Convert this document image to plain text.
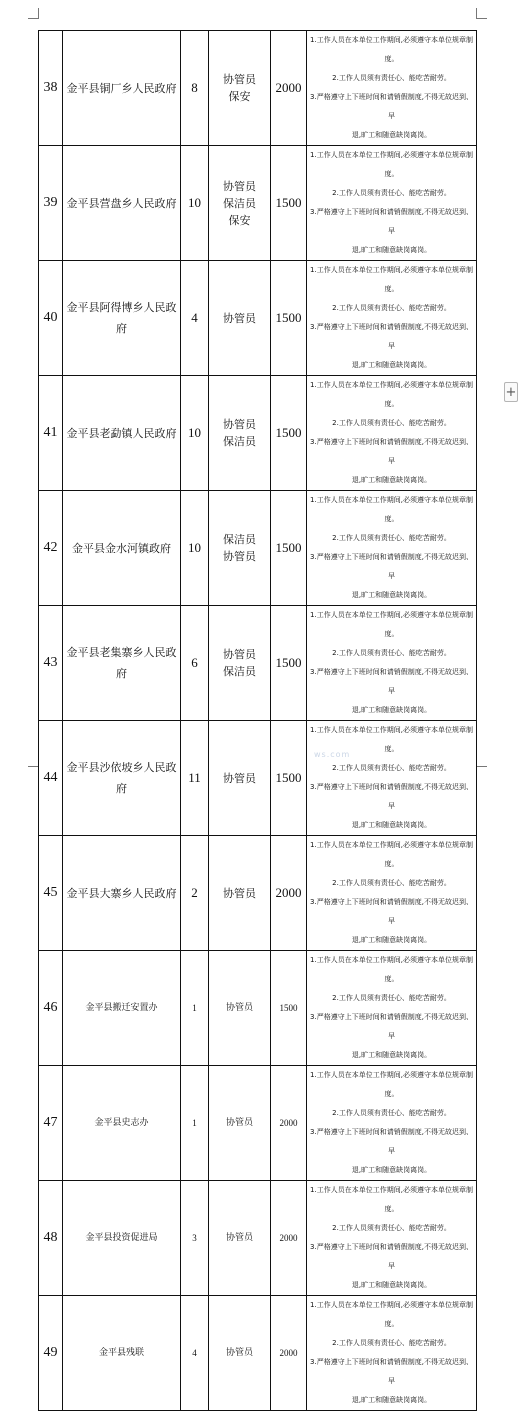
38	金平县铜厂乡人民政府	8	协管员
保安	2000	1.工作人员在本单位工作期间,必须遵守本单位规章制度。
2.工作人员须有责任心、能吃苦耐劳。
3.严格遵守上下班时间和请销假制度,不得无故迟到、早
退,旷工和随意缺岗离岗。

39	金平县营盘乡人民政府	10	协管员
保洁员
保安	1500	1.工作人员在本单位工作期间,必须遵守本单位规章制度。
2.工作人员须有责任心、能吃苦耐劳。
3.严格遵守上下班时间和请销假制度,不得无故迟到、早
退,旷工和随意缺岗离岗。

40	金平县阿得博乡人民政府	4	协管员	1500	1.工作人员在本单位工作期间,必须遵守本单位规章制度。
2.工作人员须有责任心、能吃苦耐劳。
3.严格遵守上下班时间和请销假制度,不得无故迟到、早
退,旷工和随意缺岗离岗。

41	金平县老勐镇人民政府	10	协管员
保洁员	1500	1.工作人员在本单位工作期间,必须遵守本单位规章制度。
2.工作人员须有责任心、能吃苦耐劳。
3.严格遵守上下班时间和请销假制度,不得无故迟到、早
退,旷工和随意缺岗离岗。

42	金平县金水河镇政府	10	保洁员
协管员	1500	1.工作人员在本单位工作期间,必须遵守本单位规章制度。
2.工作人员须有责任心、能吃苦耐劳。
3.严格遵守上下班时间和请销假制度,不得无故迟到、早
退,旷工和随意缺岗离岗。

43	金平县老集寨乡人民政府	6	协管员
保洁员	1500	1.工作人员在本单位工作期间,必须遵守本单位规章制度。
2.工作人员须有责任心、能吃苦耐劳。
3.严格遵守上下班时间和请销假制度,不得无故迟到、早
退,旷工和随意缺岗离岗。

44	金平县沙依坡乡人民政府	11	协管员	1500	1.工作人员在本单位工作期间,必须遵守本单位规章制度。
2.工作人员须有责任心、能吃苦耐劳。
3.严格遵守上下班时间和请销假制度,不得无故迟到、早
退,旷工和随意缺岗离岗。

45	金平县大寨乡人民政府	2	协管员	2000	1.工作人员在本单位工作期间,必须遵守本单位规章制度。
2.工作人员须有责任心、能吃苦耐劳。
3.严格遵守上下班时间和请销假制度,不得无故迟到、早
退,旷工和随意缺岗离岗。

46	金平县搬迁安置办	1	协管员	1500	1.工作人员在本单位工作期间,必须遵守本单位规章制度。
2.工作人员须有责任心、能吃苦耐劳。
3.严格遵守上下班时间和请销假制度,不得无故迟到、早
退,旷工和随意缺岗离岗。

47	金平县史志办	1	协管员	2000	1.工作人员在本单位工作期间,必须遵守本单位规章制度。
2.工作人员须有责任心、能吃苦耐劳。
3.严格遵守上下班时间和请销假制度,不得无故迟到、早
退,旷工和随意缺岗离岗。

48	金平县投资促进局	3	协管员	2000	1.工作人员在本单位工作期间,必须遵守本单位规章制度。
2.工作人员须有责任心、能吃苦耐劳。
3.严格遵守上下班时间和请销假制度,不得无故迟到、早
退,旷工和随意缺岗离岗。

49	金平县残联	4	协管员	2000	1.工作人员在本单位工作期间,必须遵守本单位规章制度。
2.工作人员须有责任心、能吃苦耐劳。
3.严格遵守上下班时间和请销假制度,不得无故迟到、早
退,旷工和随意缺岗离岗。
+
ws.com
